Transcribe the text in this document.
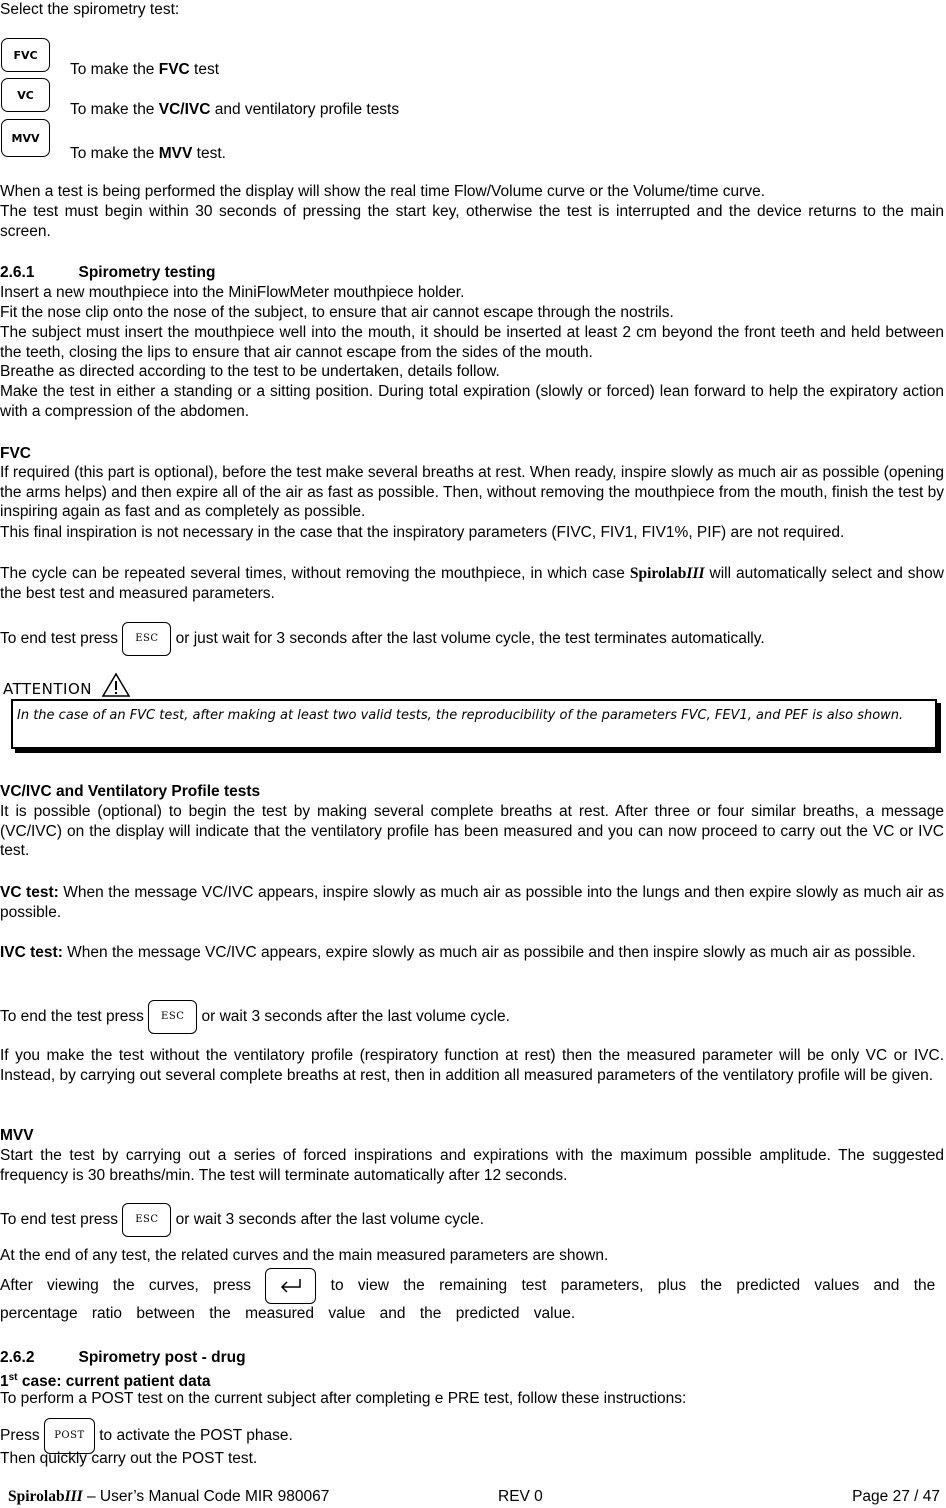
Select the spirometry test:
FVC
VC
MVV
To make the FVC test
To make the VC/IVC and ventilatory profile tests
To make the MVV test.
When a test is being performed the display will show the real time Flow/Volume curve or the Volume/time curve.
The test must begin within 30 seconds of pressing the start key, otherwise the test is interrupted and the device returns to the main screen.
2.6.1	Spirometry testing
Insert a new mouthpiece into the MiniFlowMeter mouthpiece holder.
Fit the nose clip onto the nose of the subject, to ensure that air cannot escape through the nostrils.
The subject must insert the mouthpiece well into the mouth, it should be inserted at least 2 cm beyond the front teeth and held between the teeth, closing the lips to ensure that air cannot escape from the sides of the mouth.
Breathe as directed according to the test to be undertaken, details follow.
Make the test in either a standing or a sitting position. During total expiration (slowly or forced) lean forward to help the expiratory action with a compression of the abdomen.
FVC
If required (this part is optional), before the test make several breaths at rest. When ready, inspire slowly as much air as possible (opening the arms helps) and then expire all of the air as fast as possible. Then, without removing the mouthpiece from the mouth, finish the test by inspiring again as fast and as completely as possible.
This final inspiration is not necessary in the case that the inspiratory parameters (FIVC, FIV1, FIV1%, PIF) are not required.
The cycle can be repeated several times, without removing the mouthpiece, in which case SpirolabIII will automatically select and show the best test and measured parameters.
To end test press ESC or just wait for 3 seconds after the last volume cycle, the test terminates automatically.
ATTENTION
In the case of an FVC test, after making at least two valid tests, the reproducibility of the parameters FVC, FEV1, and PEF is also shown.
VC/IVC and Ventilatory Profile tests
It is possible (optional) to begin the test by making several complete breaths at rest. After three or four similar breaths, a message (VC/IVC) on the display will indicate that the ventilatory profile has been measured and you can now proceed to carry out the VC or IVC test.
VC test: When the message VC/IVC appears, inspire slowly as much air as possible into the lungs and then expire slowly as much air as possible.
IVC test: When the message VC/IVC appears, expire slowly as much air as possibile and then inspire slowly as much air as possible.
To end the test press ESC or wait 3 seconds after the last volume cycle.
If you make the test without the ventilatory profile (respiratory function at rest) then the measured parameter will be only VC or IVC. Instead, by carrying out several complete breaths at rest, then in addition all measured parameters of the ventilatory profile will be given.
MVV
Start the test by carrying out a series of forced inspirations and expirations with the maximum possible amplitude. The suggested frequency is 30 breaths/min. The test will terminate automatically after 12 seconds.
To end test press ESC or wait 3 seconds after the last volume cycle.
At the end of any test, the related curves and the main measured parameters are shown.
After viewing the curves, press	to view the remaining test parameters, plus the predicted values and the percentage ratio between the measured value and the predicted value.
2.6.2	Spirometry post - drug
1st case: current patient data
To perform a POST test on the current subject after completing e PRE test, follow these instructions:
Press POST to activate the POST phase.
Then quickly carry out the POST test.
SpirolabIII – User’s Manual Code MIR 980067	REV 0	Page 27 / 47
